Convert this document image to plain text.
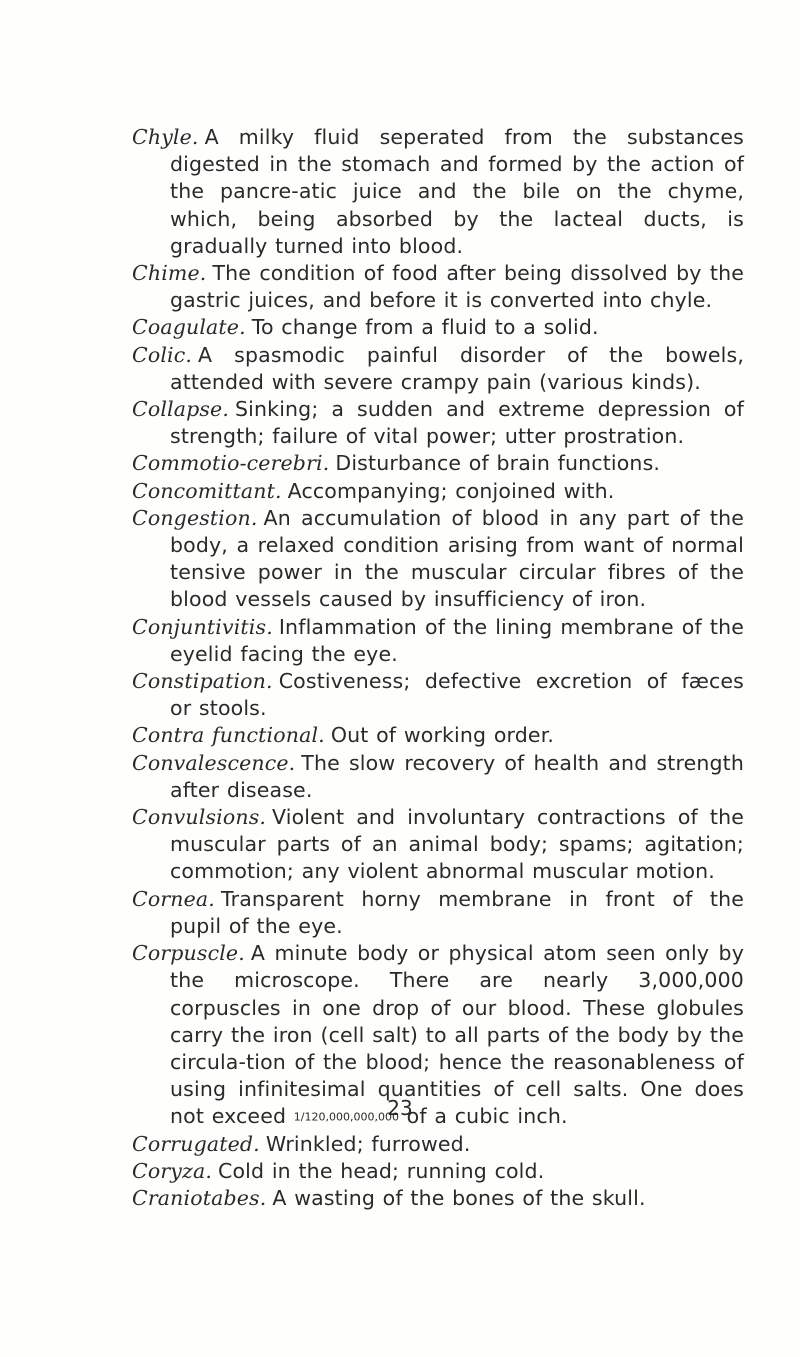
Chyle. A milky fluid seperated from the substances digested in the stomach and formed by the action of the pancre-atic juice and the bile on the chyme, which, being absorbed by the lacteal ducts, is gradually turned into blood.

Chime. The condition of food after being dissolved by the gastric juices, and before it is converted into chyle.

Coagulate. To change from a fluid to a solid.

Colic. A spasmodic painful disorder of the bowels, attended with severe crampy pain (various kinds).

Collapse. Sinking; a sudden and extreme depression of strength; failure of vital power; utter prostration.

Commotio-cerebri. Disturbance of brain functions.

Concomittant. Accompanying; conjoined with.

Congestion. An accumulation of blood in any part of the body, a relaxed condition arising from want of normal tensive power in the muscular circular fibres of the blood vessels caused by insufficiency of iron.

Conjuntivitis. Inflammation of the lining membrane of the eyelid facing the eye.

Constipation. Costiveness; defective excretion of fæces or stools.

Contra functional. Out of working order.

Convalescence. The slow recovery of health and strength after disease.

Convulsions. Violent and involuntary contractions of the muscular parts of an animal body; spams; agitation; commotion; any violent abnormal muscular motion.

Cornea. Transparent horny membrane in front of the pupil of the eye.

Corpuscle. A minute body or physical atom seen only by the microscope. There are nearly 3,000,000 corpuscles in one drop of our blood. These globules carry the iron (cell salt) to all parts of the body by the circula-tion of the blood; hence the reasonableness of using infinitesimal quantities of cell salts. One does not exceed 1/120,000,000,000 of a cubic inch.

Corrugated. Wrinkled; furrowed.

Coryza. Cold in the head; running cold.

Craniotabes. A wasting of the bones of the skull.

23
